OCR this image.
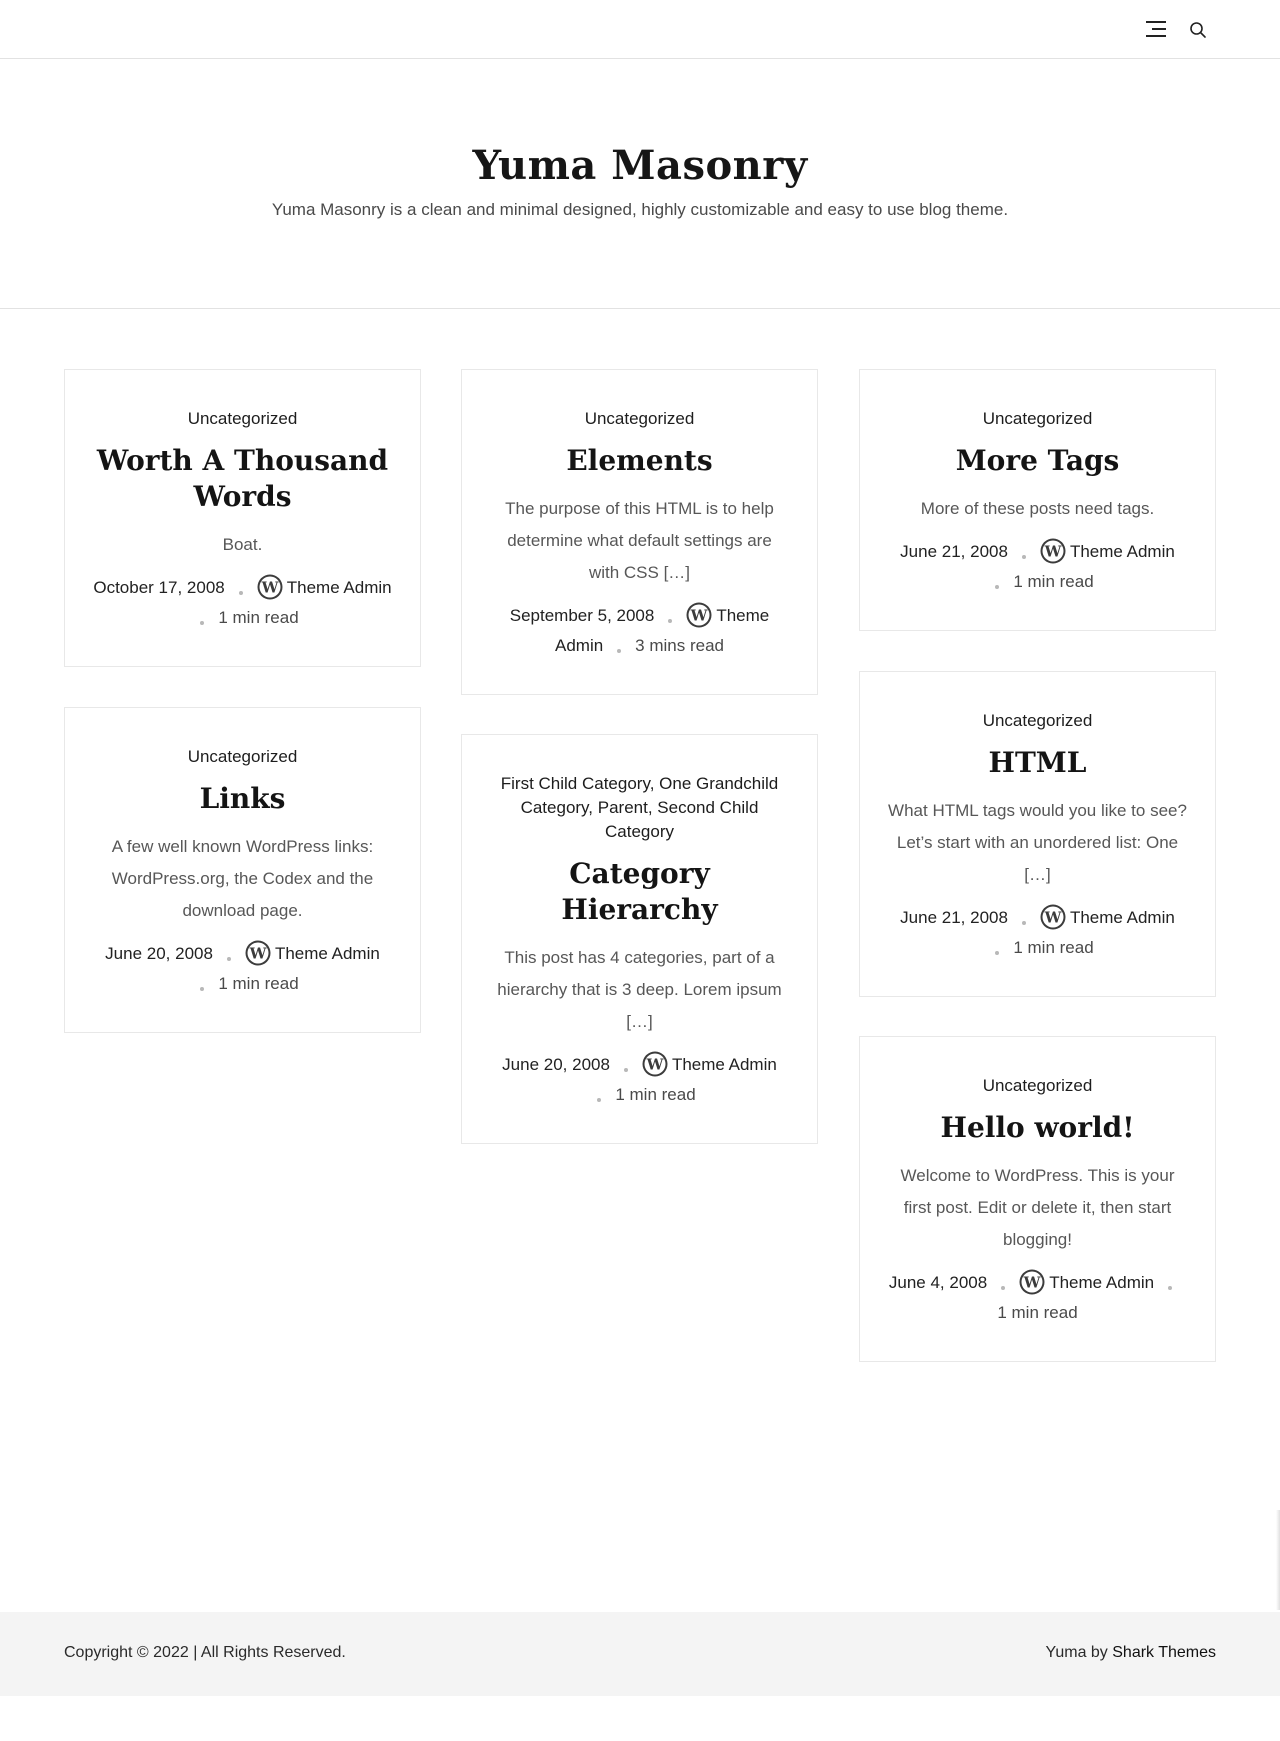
Yuma Masonry
Yuma Masonry is a clean and minimal designed, highly customizable and easy to use blog theme.
Uncategorized
Worth A Thousand
Words
Boat.
October 17, 2008 W Theme Admin1 min read
Uncategorized
Elements
The purpose of this HTML is to help determine what default settings are with CSS […]
September 5, 2008 W Theme Admin 3 mins read
Uncategorized
More Tags
More of these posts need tags.
June 21, 2008 W Theme Admin1 min read
Uncategorized
Links
A few well known WordPress links: WordPress.org, the Codex and the download page.
June 20, 2008 W Theme Admin1 min read
First Child Category, One Grandchild Category, Parent, Second Child Category
Category Hierarchy
This post has 4 categories, part of a hierarchy that is 3 deep. Lorem ipsum […]
June 20, 2008 W Theme Admin1 min read
Uncategorized
HTML
What HTML tags would you like to see? Let’s start with an unordered list: One […]
June 21, 2008 W Theme Admin1 min read
Uncategorized
Hello world!
Welcome to WordPress. This is your first post. Edit or delete it, then start blogging!
June 4, 2008 W Theme Admin1 min read
Copyright © 2022 | All Rights Reserved.	Yuma by Shark Themes
